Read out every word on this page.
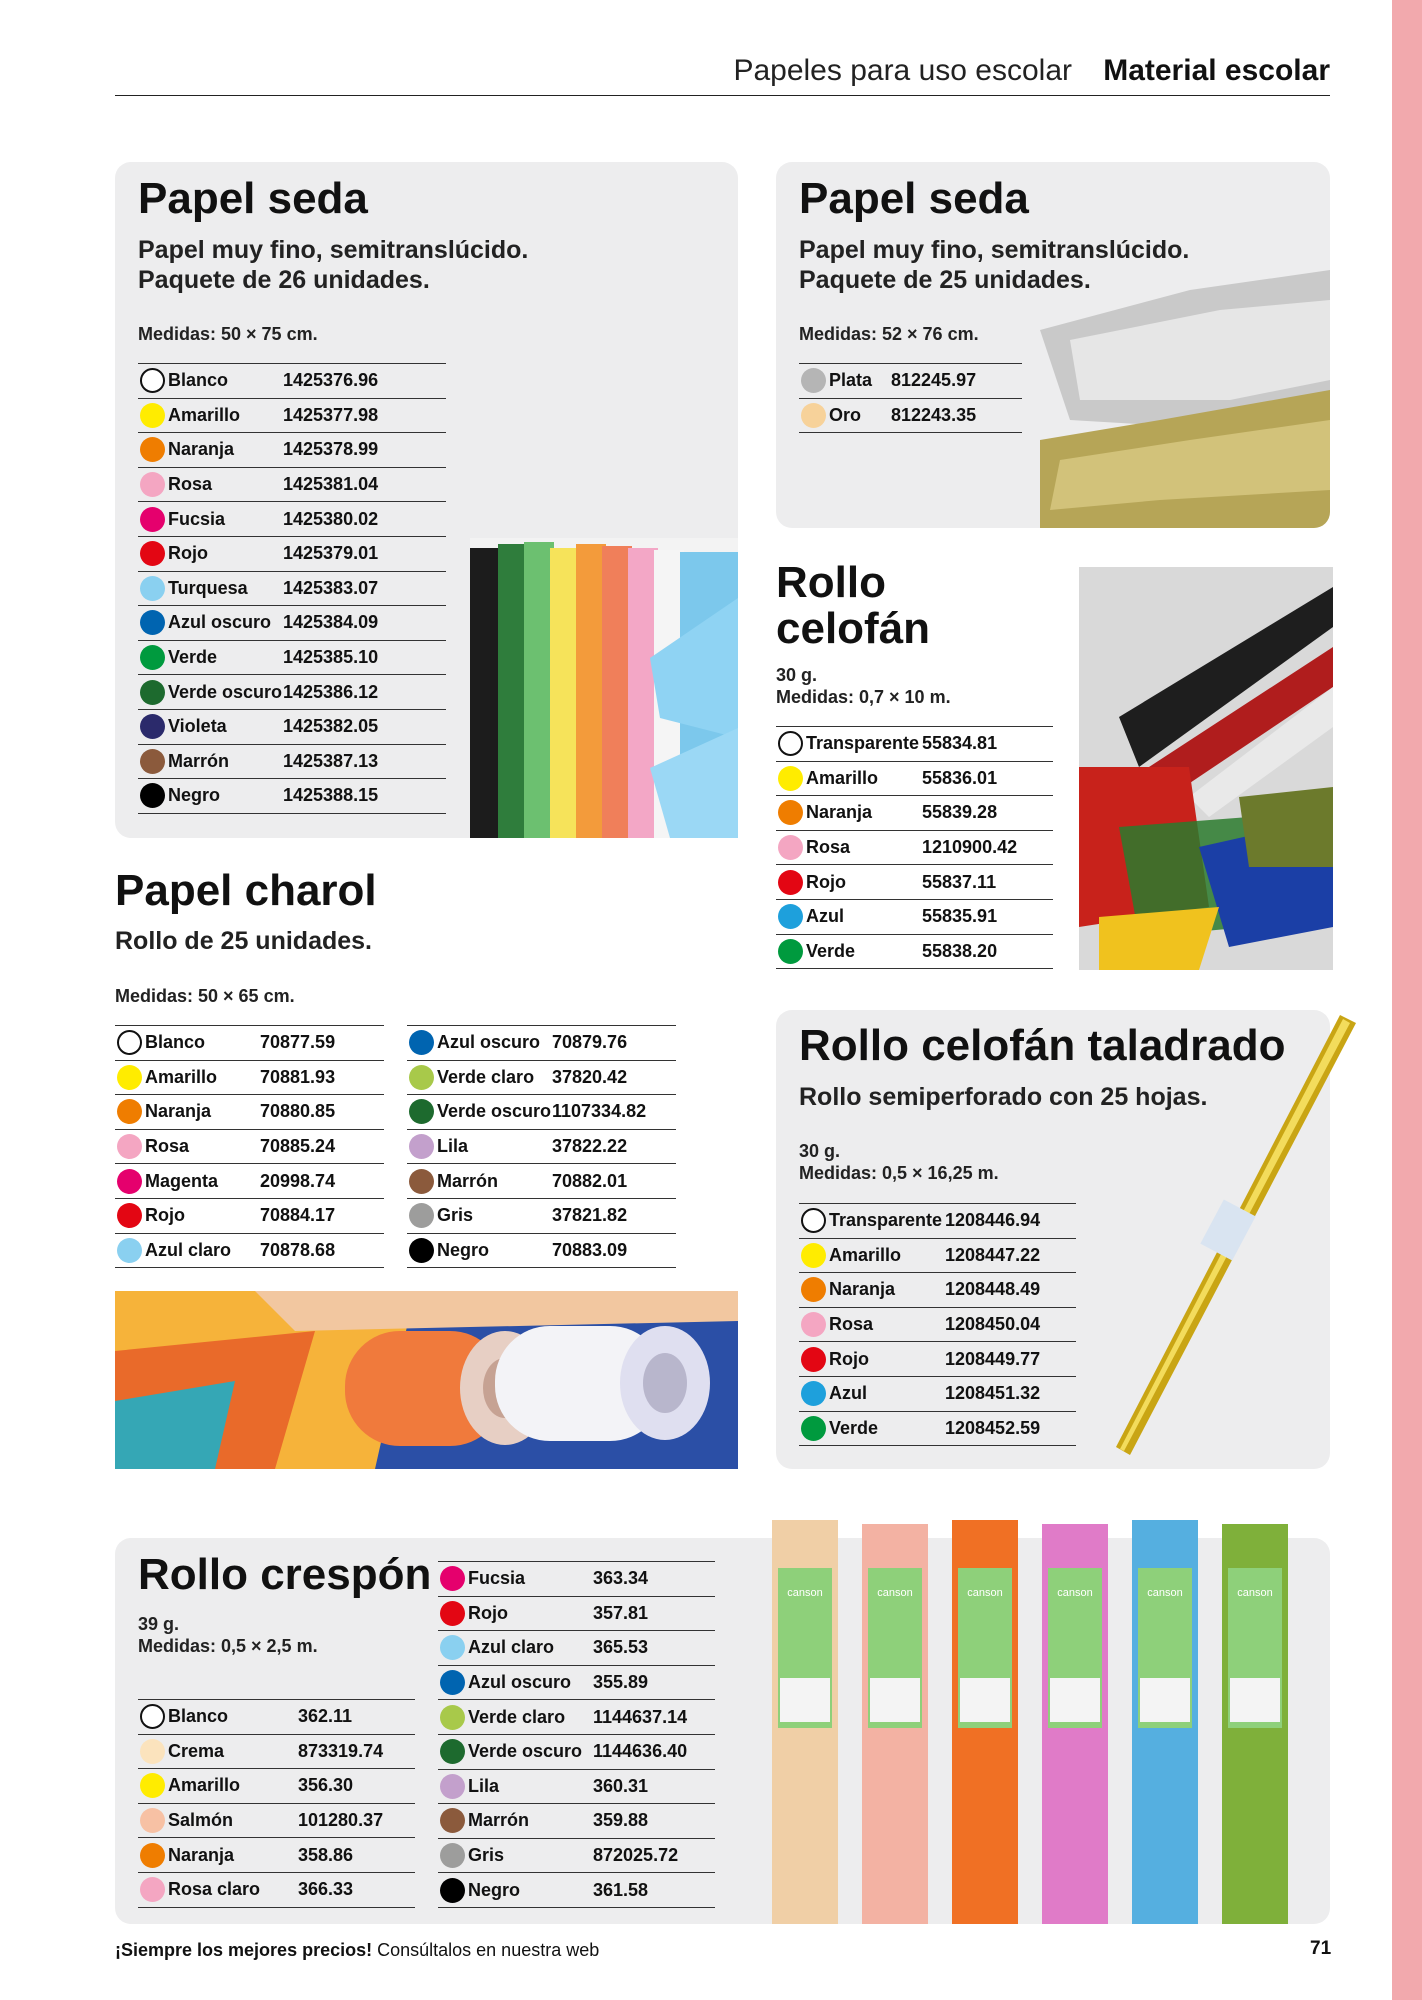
Papeles para uso escolar Material escolar
Papel seda
Papel muy fino, semitranslúcido.
Paquete de 26 unidades.
Medidas: 50 × 75 cm.
	Blanco	1425376.96
	Amarillo	1425377.98
	Naranja	1425378.99
	Rosa	1425381.04
	Fucsia	1425380.02
	Rojo	1425379.01
	Turquesa	1425383.07
	Azul oscuro	1425384.09
	Verde	1425385.10
	Verde oscuro	1425386.12
	Violeta	1425382.05
	Marrón	1425387.13
	Negro	1425388.15
Papel seda
Papel muy fino, semitranslúcido.
Paquete de 25 unidades.
Medidas: 52 × 76 cm.
	Plata	812245.97
	Oro	812243.35
Rollo
celofán
30 g.
Medidas: 0,7 × 10 m.
	Transparente	55834.81
	Amarillo	55836.01
	Naranja	55839.28
	Rosa	1210900.42
	Rojo	55837.11
	Azul	55835.91
	Verde	55838.20
Papel charol
Rollo de 25 unidades.
Medidas: 50 × 65 cm.
	Blanco	70877.59
	Amarillo	70881.93
	Naranja	70880.85
	Rosa	70885.24
	Magenta	20998.74
	Rojo	70884.17
	Azul claro	70878.68
	Azul oscuro	70879.76
	Verde claro	37820.42
	Verde oscuro	1107334.82
	Lila	37822.22
	Marrón	70882.01
	Gris	37821.82
	Negro	70883.09
Rollo celofán taladrado
Rollo semiperforado con 25 hojas.
30 g.
Medidas: 0,5 × 16,25 m.
	Transparente	1208446.94
	Amarillo	1208447.22
	Naranja	1208448.49
	Rosa	1208450.04
	Rojo	1208449.77
	Azul	1208451.32
	Verde	1208452.59
Rollo crespón
39 g.
Medidas: 0,5 × 2,5 m.
	Blanco	362.11
	Crema	873319.74
	Amarillo	356.30
	Salmón	101280.37
	Naranja	358.86
	Rosa claro	366.33
	Fucsia	363.34
	Rojo	357.81
	Azul claro	365.53
	Azul oscuro	355.89
	Verde claro	1144637.14
	Verde oscuro	1144636.40
	Lila	360.31
	Marrón	359.88
	Gris	872025.72
	Negro	361.58
canson	canson	canson	canson	canson	canson
¡Siempre los mejores precios! Consúltalos en nuestra web	71
